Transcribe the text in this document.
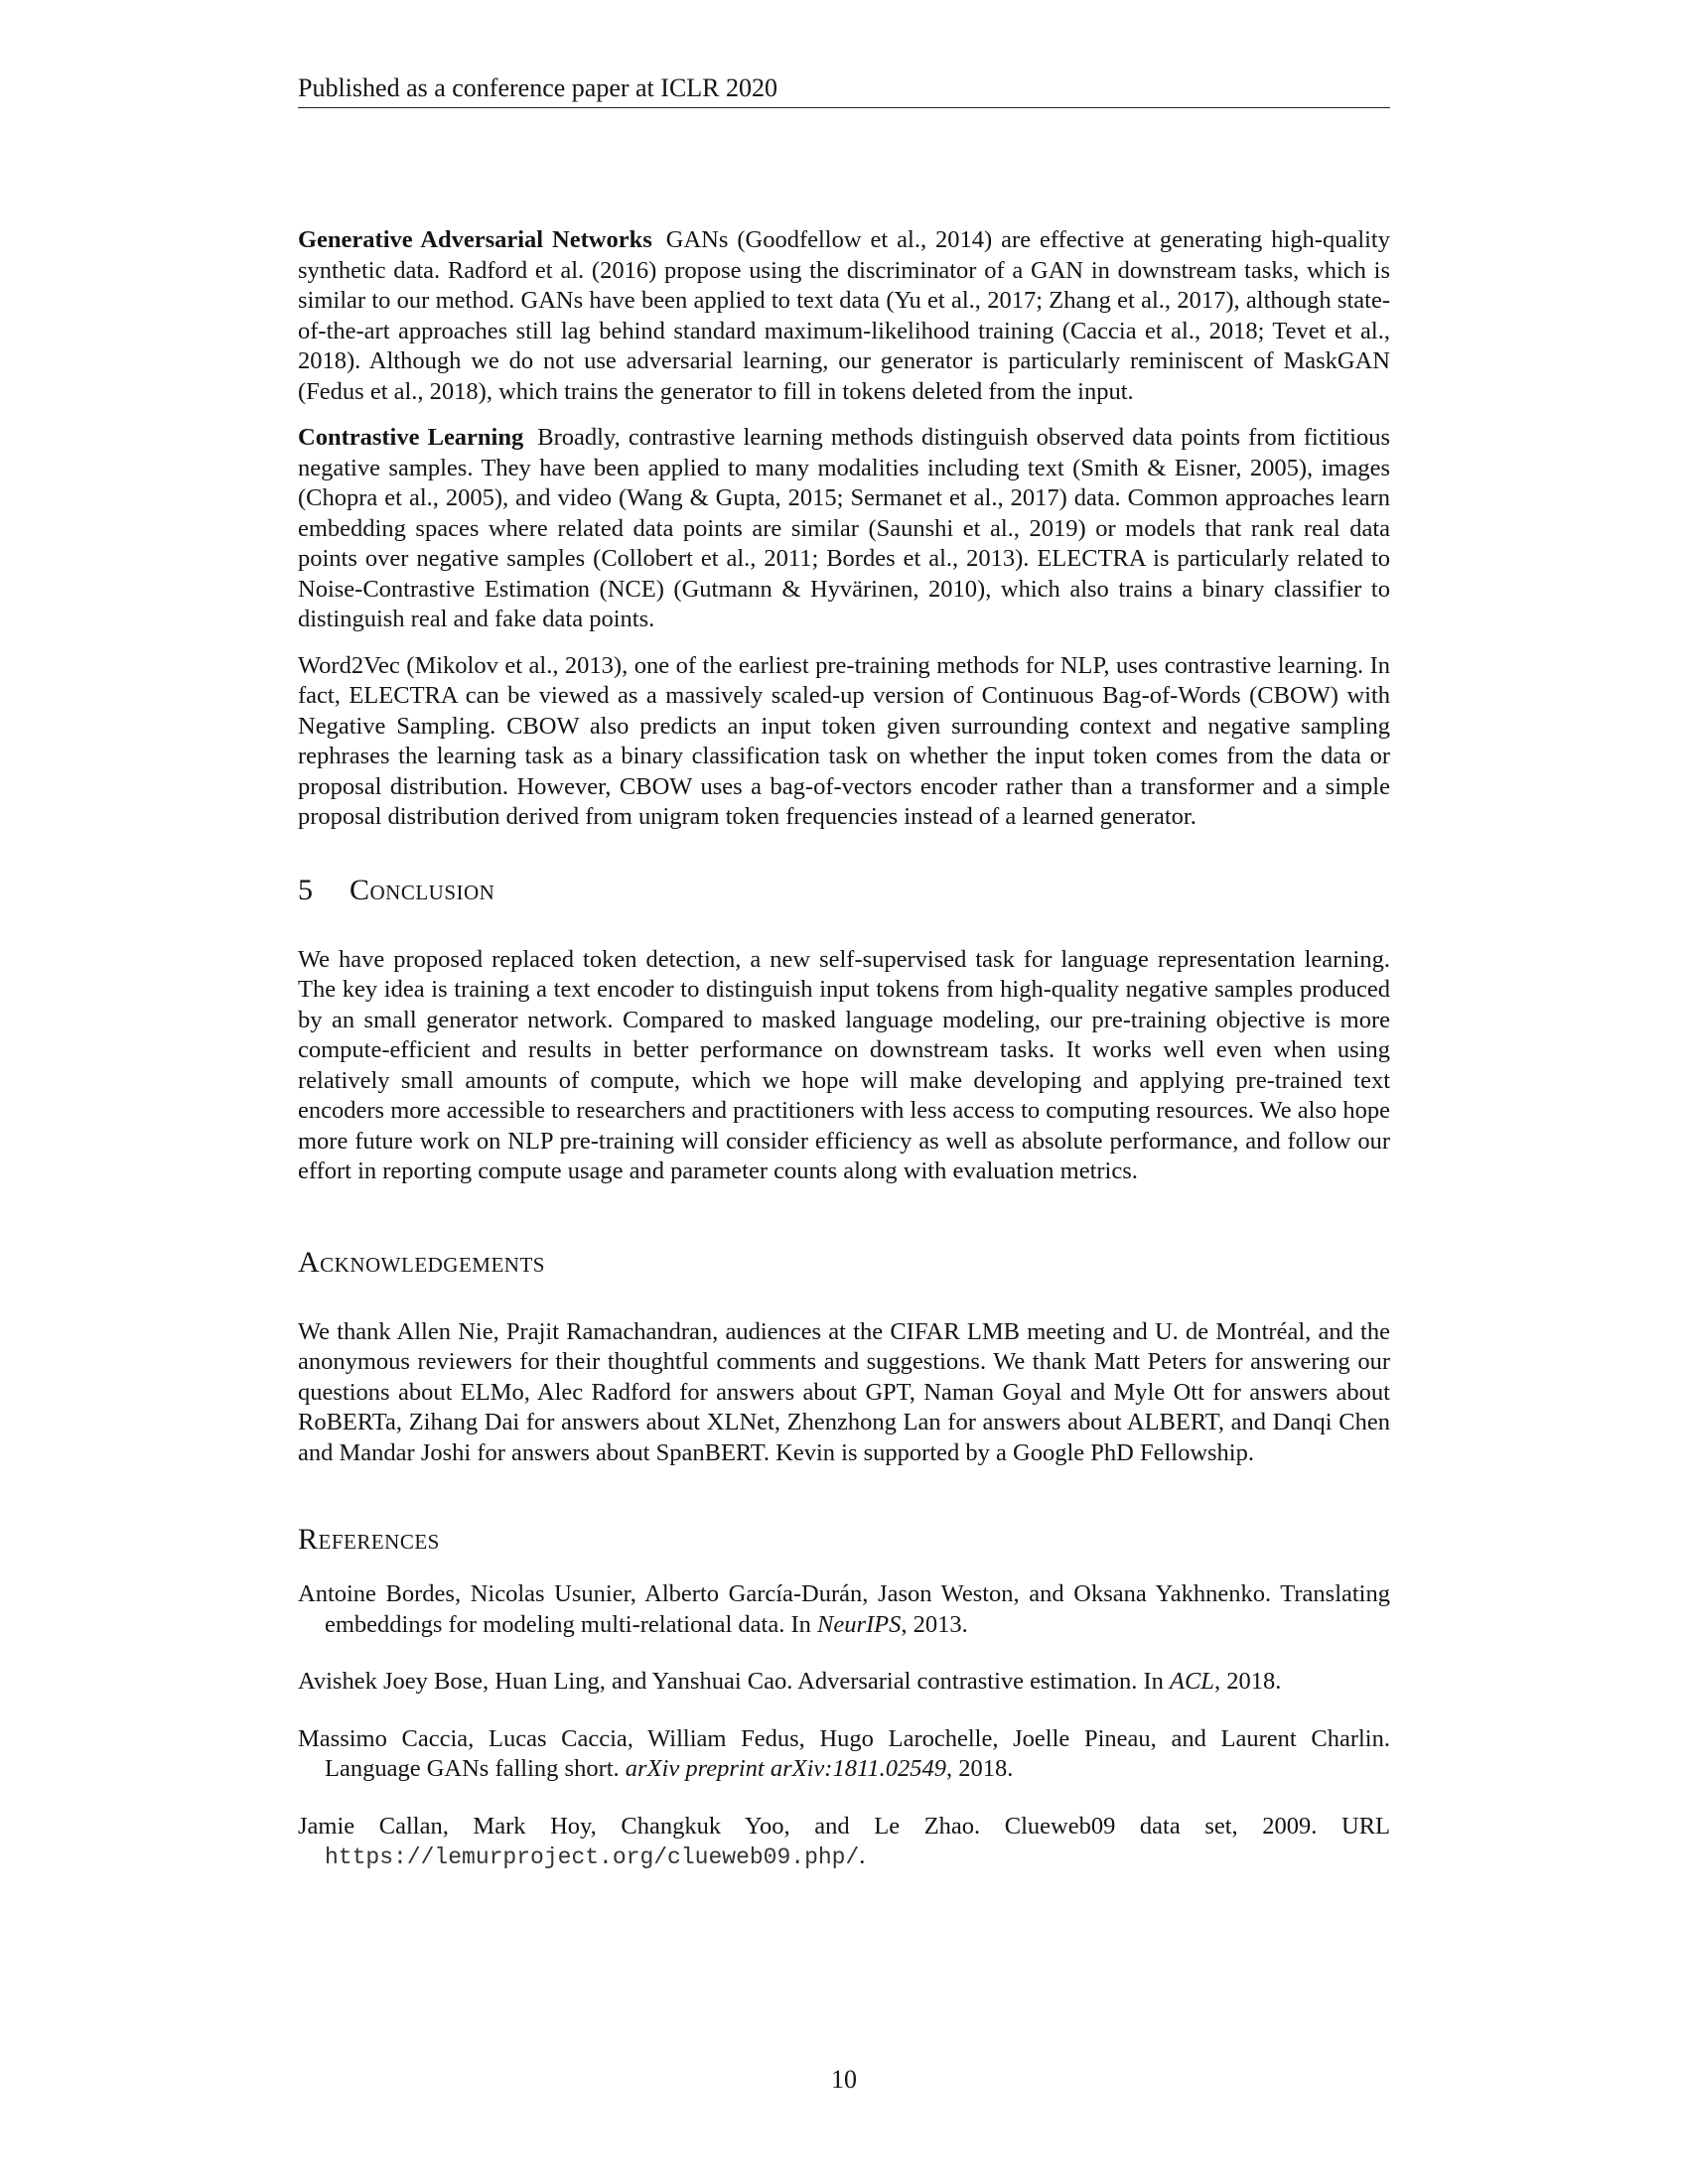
Published as a conference paper at ICLR 2020

Generative Adversarial Networks GANs (Goodfellow et al., 2014) are effective at generating high-quality synthetic data. Radford et al. (2016) propose using the discriminator of a GAN in downstream tasks, which is similar to our method. GANs have been applied to text data (Yu et al., 2017; Zhang et al., 2017), although state-of-the-art approaches still lag behind standard maximum-likelihood training (Caccia et al., 2018; Tevet et al., 2018). Although we do not use adversarial learning, our generator is particularly reminiscent of MaskGAN (Fedus et al., 2018), which trains the generator to fill in tokens deleted from the input.

Contrastive Learning Broadly, contrastive learning methods distinguish observed data points from fictitious negative samples. They have been applied to many modalities including text (Smith & Eisner, 2005), images (Chopra et al., 2005), and video (Wang & Gupta, 2015; Sermanet et al., 2017) data. Common approaches learn embedding spaces where related data points are similar (Saunshi et al., 2019) or models that rank real data points over negative samples (Collobert et al., 2011; Bordes et al., 2013). ELECTRA is particularly related to Noise-Contrastive Estimation (NCE) (Gutmann & Hyvärinen, 2010), which also trains a binary classifier to distinguish real and fake data points.

Word2Vec (Mikolov et al., 2013), one of the earliest pre-training methods for NLP, uses contrastive learning. In fact, ELECTRA can be viewed as a massively scaled-up version of Continuous Bag-of-Words (CBOW) with Negative Sampling. CBOW also predicts an input token given surrounding context and negative sampling rephrases the learning task as a binary classification task on whether the input token comes from the data or proposal distribution. However, CBOW uses a bag-of-vectors encoder rather than a transformer and a simple proposal distribution derived from unigram token frequencies instead of a learned generator.

5 Conclusion

We have proposed replaced token detection, a new self-supervised task for language representation learning. The key idea is training a text encoder to distinguish input tokens from high-quality negative samples produced by an small generator network. Compared to masked language modeling, our pre-training objective is more compute-efficient and results in better performance on downstream tasks. It works well even when using relatively small amounts of compute, which we hope will make developing and applying pre-trained text encoders more accessible to researchers and practitioners with less access to computing resources. We also hope more future work on NLP pre-training will consider efficiency as well as absolute performance, and follow our effort in reporting compute usage and parameter counts along with evaluation metrics.

Acknowledgements

We thank Allen Nie, Prajit Ramachandran, audiences at the CIFAR LMB meeting and U. de Montréal, and the anonymous reviewers for their thoughtful comments and suggestions. We thank Matt Peters for answering our questions about ELMo, Alec Radford for answers about GPT, Naman Goyal and Myle Ott for answers about RoBERTa, Zihang Dai for answers about XLNet, Zhenzhong Lan for answers about ALBERT, and Danqi Chen and Mandar Joshi for answers about SpanBERT. Kevin is supported by a Google PhD Fellowship.

References
Antoine Bordes, Nicolas Usunier, Alberto García-Durán, Jason Weston, and Oksana Yakhnenko. Translating embeddings for modeling multi-relational data. In NeurIPS, 2013.
Avishek Joey Bose, Huan Ling, and Yanshuai Cao. Adversarial contrastive estimation. In ACL, 2018.
Massimo Caccia, Lucas Caccia, William Fedus, Hugo Larochelle, Joelle Pineau, and Laurent Charlin. Language GANs falling short. arXiv preprint arXiv:1811.02549, 2018.
Jamie Callan, Mark Hoy, Changkuk Yoo, and Le Zhao. Clueweb09 data set, 2009. URL https://lemurproject.org/clueweb09.php/.
10
